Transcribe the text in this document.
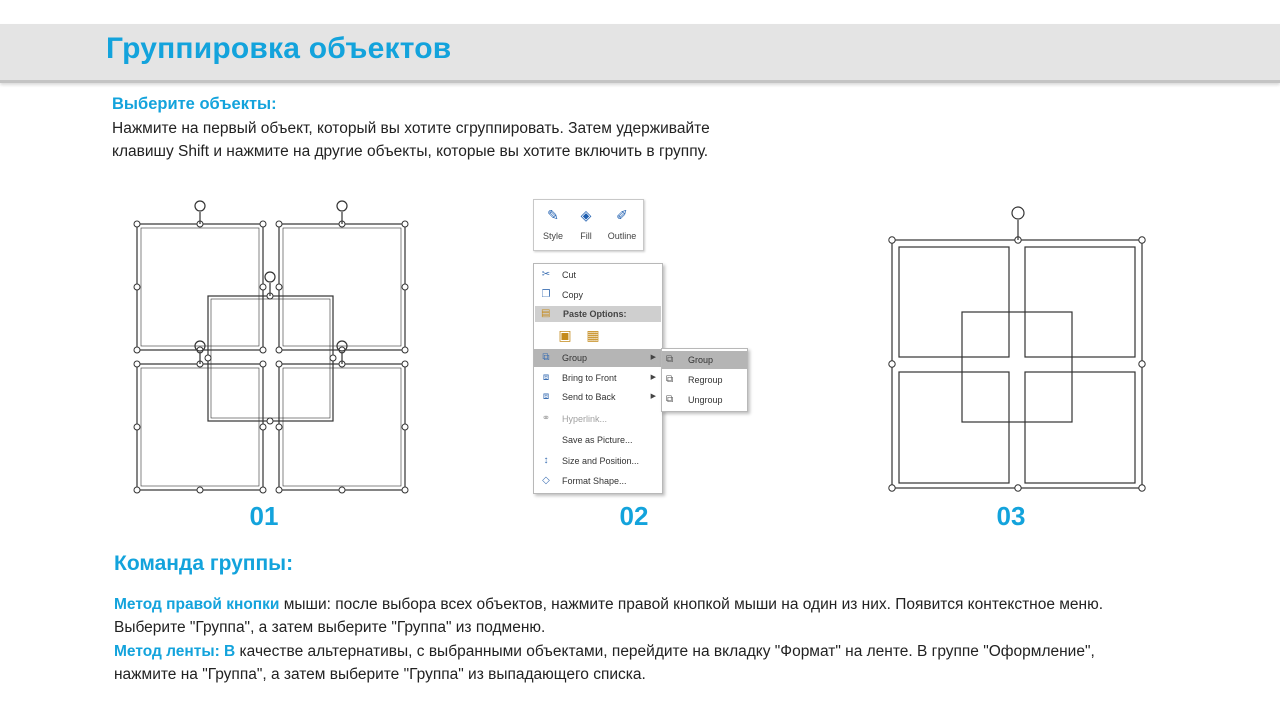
Группировка объектов

Выберите объекты:

Нажмите на первый объект, который вы хотите сгруппировать. Затем удерживайте клавишу Shift и нажмите на другие объекты, которые вы хотите включить в группу.

01	02	03
✎
Style
◈
Fill
✐
Outline
✂	Cut
❐ Copy
▤ Paste Options:
▣ ▦
⧉	Group	▶
⧈	Bring to Front	▶
⧈	Send to Back	▶
⚭	Hyperlink...
Save as Picture...
↕	Size and Position...
◇	Format Shape...
⧉ Group
⧉ Regroup
⧉ Ungroup

Команда группы:

Метод правой кнопки мыши: после выбора всех объектов, нажмите правой кнопкой мыши на один из них. Появится контекстное меню. Выберите "Группа", а затем выберите "Группа" из подменю.

Метод ленты: В качестве альтернативы, с выбранными объектами, перейдите на вкладку "Формат" на ленте. В группе "Оформление", нажмите на "Группа", а затем выберите "Группа" из выпадающего списка.
